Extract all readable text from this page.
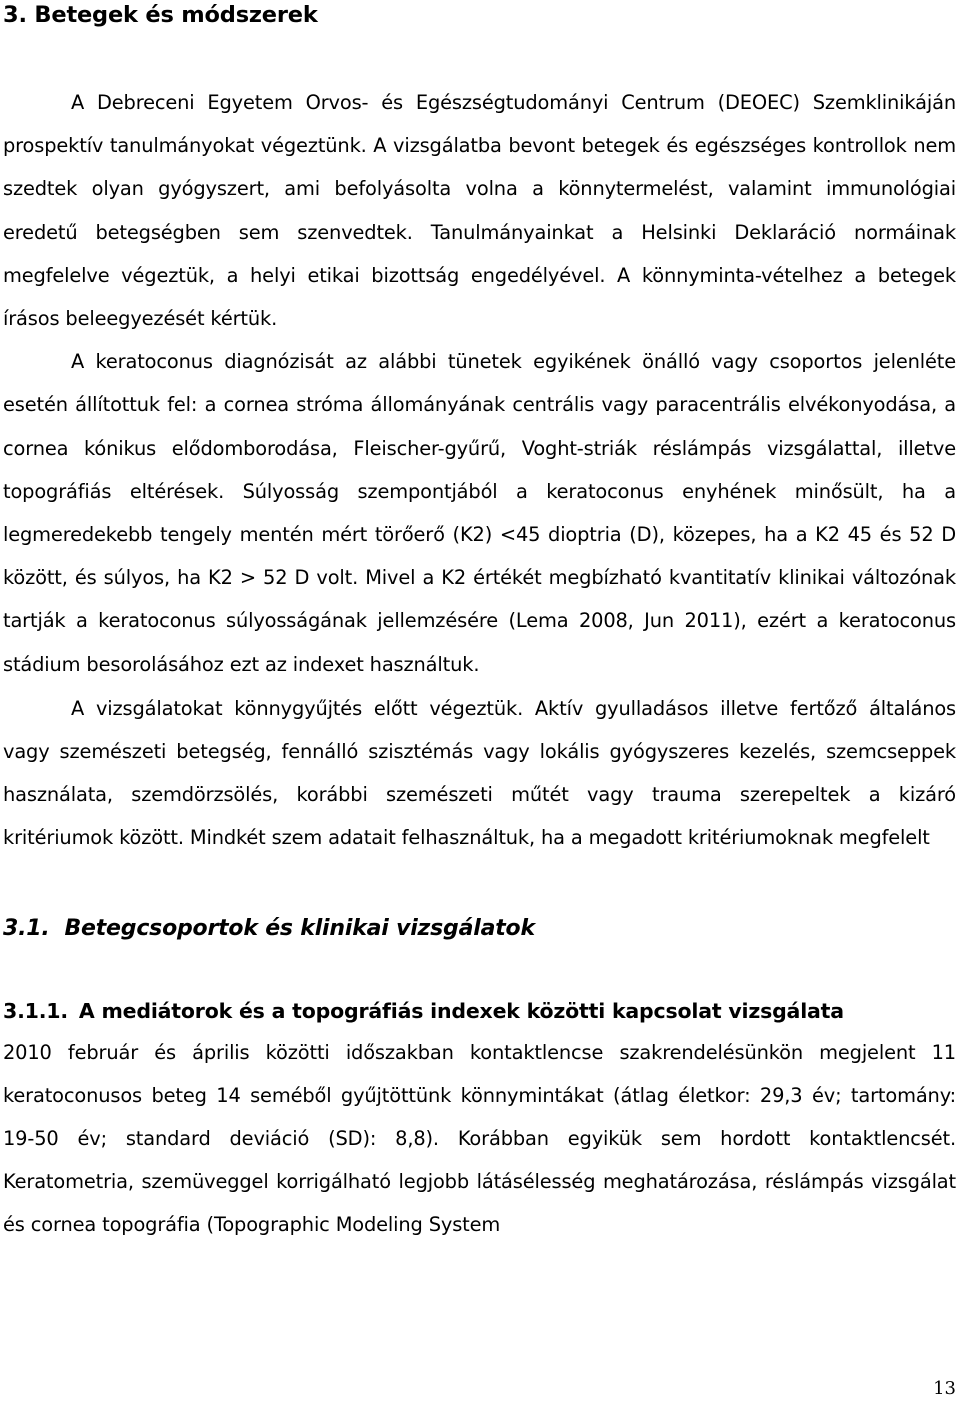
3. Betegek és módszerek

A Debreceni Egyetem Orvos- és Egészségtudományi Centrum (DEOEC) Szemklinikáján prospektív tanulmányokat végeztünk. A vizsgálatba bevont betegek és egészséges kontrollok nem szedtek olyan gyógyszert, ami befolyásolta volna a könnytermelést, valamint immunológiai eredetű betegségben sem szenvedtek. Tanulmányainkat a Helsinki Deklaráció normáinak megfelelve végeztük, a helyi etikai bizottság engedélyével. A könnyminta-vételhez a betegek írásos beleegyezését kértük.

A keratoconus diagnózisát az alábbi tünetek egyikének önálló vagy csoportos jelenléte esetén állítottuk fel: a cornea stróma állományának centrális vagy paracentrális elvékonyodása, a cornea kónikus elődomborodása, Fleischer-gyűrű, Voght-striák réslámpás vizsgálattal, illetve topográfiás eltérések. Súlyosság szempontjából a keratoconus enyhének minősült, ha a legmeredekebb tengely mentén mért törőerő (K2) <45 dioptria (D), közepes, ha a K2 45 és 52 D között, és súlyos, ha K2 > 52 D volt. Mivel a K2 értékét megbízható kvantitatív klinikai változónak tartják a keratoconus súlyosságának jellemzésére (Lema 2008, Jun 2011), ezért a keratoconus stádium besorolásához ezt az indexet használtuk.

A vizsgálatokat könnygyűjtés előtt végeztük. Aktív gyulladásos illetve fertőző általános vagy szemészeti betegség, fennálló szisztémás vagy lokális gyógyszeres kezelés, szemcseppek használata, szemdörzsölés, korábbi szemészeti műtét vagy trauma szerepeltek a kizáró kritériumok között. Mindkét szem adatait felhasználtuk, ha a megadott kritériumoknak megfelelt

3.1. Betegcsoportok és klinikai vizsgálatok
3.1.1. A mediátorok és a topográfiás indexek közötti kapcsolat vizsgálata

2010 február és április közötti időszakban kontaktlencse szakrendelésünkön megjelent 11 keratoconusos beteg 14 seméből gyűjtöttünk könnymintákat (átlag életkor: 29,3 év; tartomány: 19-50 év; standard deviáció (SD): 8,8). Korábban egyikük sem hordott kontaktlencsét. Keratometria, szemüveggel korrigálható legjobb látásélesség meghatározása, réslámpás vizsgálat és cornea topográfia (Topographic Modeling System

13
